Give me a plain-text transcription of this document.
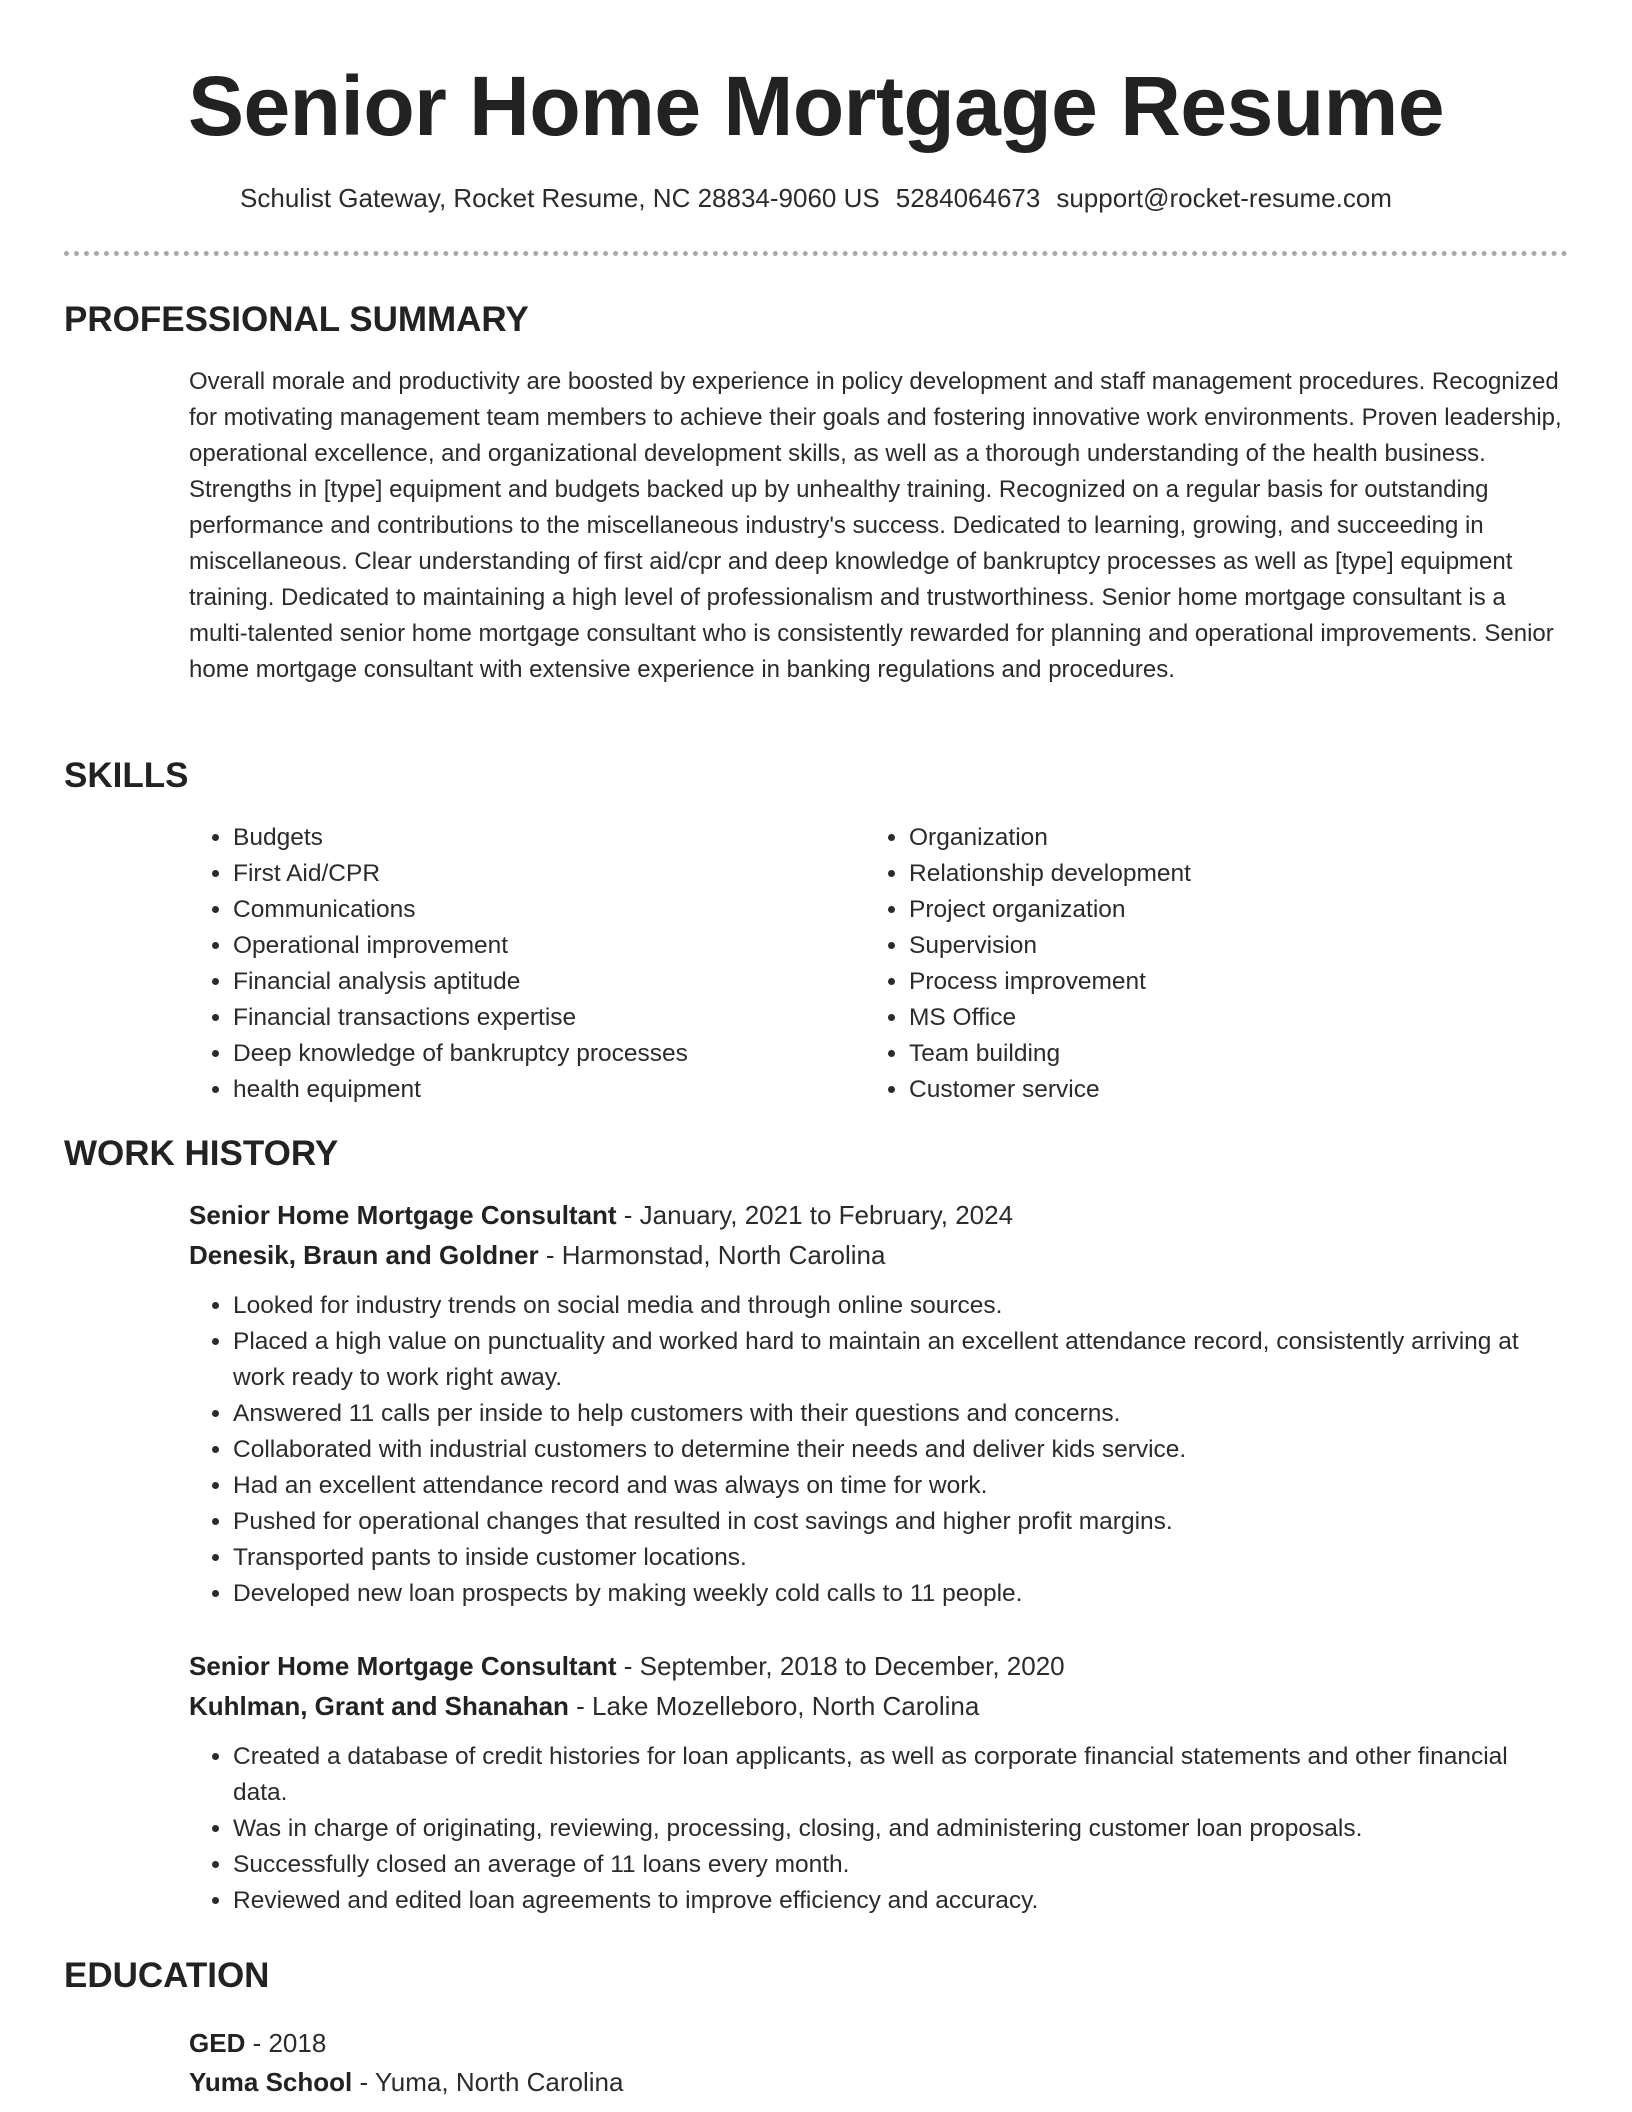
Senior Home Mortgage Resume
Schulist Gateway, Rocket Resume, NC 28834-9060 US 5284064673 support@rocket-resume.com
PROFESSIONAL SUMMARY

Overall morale and productivity are boosted by experience in policy development and staff management procedures. Recognized for motivating management team members to achieve their goals and fostering innovative work environments. Proven leadership, operational excellence, and organizational development skills, as well as a thorough understanding of the health business. Strengths in [type] equipment and budgets backed up by unhealthy training. Recognized on a regular basis for outstanding performance and contributions to the miscellaneous industry's success. Dedicated to learning, growing, and succeeding in miscellaneous. Clear understanding of first aid/cpr and deep knowledge of bankruptcy processes as well as [type] equipment training. Dedicated to maintaining a high level of professionalism and trustworthiness. Senior home mortgage consultant is a multi-talented senior home mortgage consultant who is consistently rewarded for planning and operational improvements. Senior home mortgage consultant with extensive experience in banking regulations and procedures.

SKILLS
• Budgets
• First Aid/CPR
• Communications
• Operational improvement
• Financial analysis aptitude
• Financial transactions expertise
• Deep knowledge of bankruptcy processes
• health equipment
• Organization
• Relationship development
• Project organization
• Supervision
• Process improvement
• MS Office
• Team building
• Customer service
WORK HISTORY
Senior Home Mortgage Consultant - January, 2021 to February, 2024
Denesik, Braun and Goldner - Harmonstad, North Carolina
• Looked for industry trends on social media and through online sources.
• Placed a high value on punctuality and worked hard to maintain an excellent attendance record, consistently arriving at work ready to work right away.
• Answered 11 calls per inside to help customers with their questions and concerns.
• Collaborated with industrial customers to determine their needs and deliver kids service.
• Had an excellent attendance record and was always on time for work.
• Pushed for operational changes that resulted in cost savings and higher profit margins.
• Transported pants to inside customer locations.
• Developed new loan prospects by making weekly cold calls to 11 people.
Senior Home Mortgage Consultant - September, 2018 to December, 2020
Kuhlman, Grant and Shanahan - Lake Mozelleboro, North Carolina
• Created a database of credit histories for loan applicants, as well as corporate financial statements and other financial data.
• Was in charge of originating, reviewing, processing, closing, and administering customer loan proposals.
• Successfully closed an average of 11 loans every month.
• Reviewed and edited loan agreements to improve efficiency and accuracy.
EDUCATION
GED - 2018
Yuma School - Yuma, North Carolina
